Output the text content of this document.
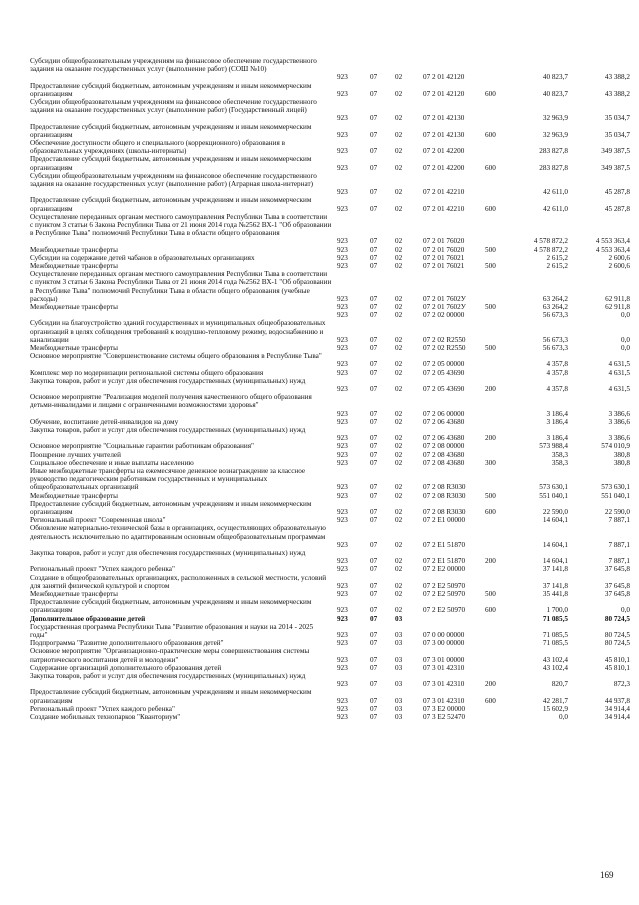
Субсидии общеобразовательным учреждениям на финансовое обеспечение государственного задания на оказание государственных услуг (выполнение работ) (СОШ №10)
923	07	02	07 2 01 42120	40 823,7	43 388,2
Предоставление субсидий бюджетным, автономным учреждениям и иным некоммерческим организациям	923	07	02	07 2 01 42120	600	40 823,7	43 388,2
Субсидии общеобразовательным учреждениям на финансовое обеспечение государственного задания на оказание государственных услуг (выполнение работ) (Государственный лицей)
923	07	02	07 2 01 42130	32 963,9	35 034,7
Предоставление субсидий бюджетным, автономным учреждениям и иным некоммерческим организациям	923	07	02	07 2 01 42130	600	32 963,9	35 034,7
Обеспечение доступности общего и специального (коррекционного) образования в образовательных учреждениях (школы-интернаты)	923	07	02	07 2 01 42200	283 827,8	349 387,5
Предоставление субсидий бюджетным, автономным учреждениям и иным некоммерческим организациям	923	07	02	07 2 01 42200	600	283 827,8	349 387,5
Субсидии общеобразовательным учреждениям на финансовое обеспечение государственного задания на оказание государственных услуг (выполнение работ) (Аграрная школа-интернат)
923	07	02	07 2 01 42210	42 611,0	45 287,8
Предоставление субсидий бюджетным, автономным учреждениям и иным некоммерческим организациям	923	07	02	07 2 01 42210	600	42 611,0	45 287,8
Осуществление переданных органам местного самоуправления Республики Тыва в соответствии с пунктом 3 статьи 6 Закона Республики Тыва от 21 июня 2014 года №2562 ВХ-1 "Об образовании в Республике Тыва" полномочий Республики Тыва в области общего образования
923	07	02	07 2 01 76020	4 578 872,2	4 553 363,4
Межбюджетные трансферты	923	07	02	07 2 01 76020	500	4 578 872,2	4 553 363,4
Субсидии на содержание детей чабанов в образовательных организациях	923	07	02	07 2 01 76021	2 615,2	2 600,6
Межбюджетные трансферты	923	07	02	07 2 01 76021	500	2 615,2	2 600,6
Осуществление переданных органам местного самоуправления Республики Тыва в соответствии с пунктом 3 статьи 6 Закона Республики Тыва от 21 июня 2014 года №2562 ВХ-1 "Об образовании в Республике Тыва" полномочий Республики Тыва в области общего образования (учебные расходы)	923	07	02	07 2 01 7602У	63 264,2	62 911,8
Межбюджетные трансферты	923	07	02	07 2 01 7602У	500	63 264,2	62 911,8
923	07	02	07 2 02 00000	56 673,3	0,0
Субсидии на благоустройство зданий государственных и муниципальных общеобразовательных организаций в целях соблюдения требований к воздушно-тепловому режиму, водоснабжению и канализации	923	07	02	07 2 02 R2550	56 673,3	0,0
Межбюджетные трансферты	923	07	02	07 2 02 R2550	500	56 673,3	0,0
Основное мероприятие "Совершенствование системы общего образования в Республике Тыва"
923	07	02	07 2 05 00000	4 357,8	4 631,5
Комплекс мер по модернизации региональной системы общего образования	923	07	02	07 2 05 43690	4 357,8	4 631,5
Закупка товаров, работ и услуг для обеспечения государственных (муниципальных) нужд
923	07	02	07 2 05 43690	200	4 357,8	4 631,5
Основное мероприятие "Реализация моделей получения качественного общего образования детьми-инвалидами и лицами с ограниченными возможностями здоровья"
923	07	02	07 2 06 00000	3 186,4	3 386,6
Обучение, воспитание детей-инвалидов на дому	923	07	02	07 2 06 43680	3 186,4	3 386,6
Закупка товаров, работ и услуг для обеспечения государственных (муниципальных) нужд
923	07	02	07 2 06 43680	200	3 186,4	3 386,6
Основное мероприятие "Социальные гарантии работникам образования"	923	07	02	07 2 08 00000	573 988,4	574 010,9
Поощрение лучших учителей	923	07	02	07 2 08 43680	358,3	380,8
Социальное обеспечение и иные выплаты населению	923	07	02	07 2 08 43680	300	358,3	380,8
Иные межбюджетные трансферты на ежемесячное денежное вознаграждение за классное руководство педагогическим работникам государственных и муниципальных общеобразовательных организаций	923	07	02	07 2 08 R3030	573 630,1	573 630,1
Межбюджетные трансферты	923	07	02	07 2 08 R3030	500	551 040,1	551 040,1
Предоставление субсидий бюджетным, автономным учреждениям и иным некоммерческим организациям	923	07	02	07 2 08 R3030	600	22 590,0	22 590,0
Региональный проект "Современная школа"	923	07	02	07 2 E1 00000	14 604,1	7 887,1
Обновление материально-технической базы в организациях, осуществляющих образовательную деятельность исключительно по адаптированным основным общеобразовательным программам
923	07	02	07 2 E1 51870	14 604,1	7 887,1
Закупка товаров, работ и услуг для обеспечения государственных (муниципальных) нужд
923	07	02	07 2 E1 51870	200	14 604,1	7 887,1
Региональный проект "Успех каждого ребенка"	923	07	02	07 2 E2 00000	37 141,8	37 645,8
Создание в общеобразовательных организациях, расположенных в сельской местности, условий для занятий физической культурой и спортом	923	07	02	07 2 E2 50970	37 141,8	37 645,8
Межбюджетные трансферты	923	07	02	07 2 E2 50970	500	35 441,8	37 645,8
Предоставление субсидий бюджетным, автономным учреждениям и иным некоммерческим организациям	923	07	02	07 2 E2 50970	600	1 700,0	0,0
Дополнительное образование детей	923	07	03	71 085,5	80 724,5
Государственная программа Республики Тыва "Развитие образования и науки на 2014 - 2025 годы"	923	07	03	07 0 00 00000	71 085,5	80 724,5
Подпрограмма "Развитие дополнительного образования детей"	923	07	03	07 3 00 00000	71 085,5	80 724,5
Основное мероприятие "Организационно-практические меры совершенствования системы патриотического воспитания детей и молодежи"	923	07	03	07 3 01 00000	43 102,4	45 810,1
Содержание организаций дополнительного образования детей	923	07	03	07 3 01 42310	43 102,4	45 810,1
Закупка товаров, работ и услуг для обеспечения государственных (муниципальных) нужд
923	07	03	07 3 01 42310	200	820,7	872,3
Предоставление субсидий бюджетным, автономным учреждениям и иным некоммерческим организациям	923	07	03	07 3 01 42310	600	42 281,7	44 937,8
Региональный проект "Успех каждого ребенка"	923	07	03	07 3 E2 00000	15 602,9	34 914,4
Создание мобильных технопарков "Кванториум"	923	07	03	07 3 E2 52470	0,0	34 914,4
169
